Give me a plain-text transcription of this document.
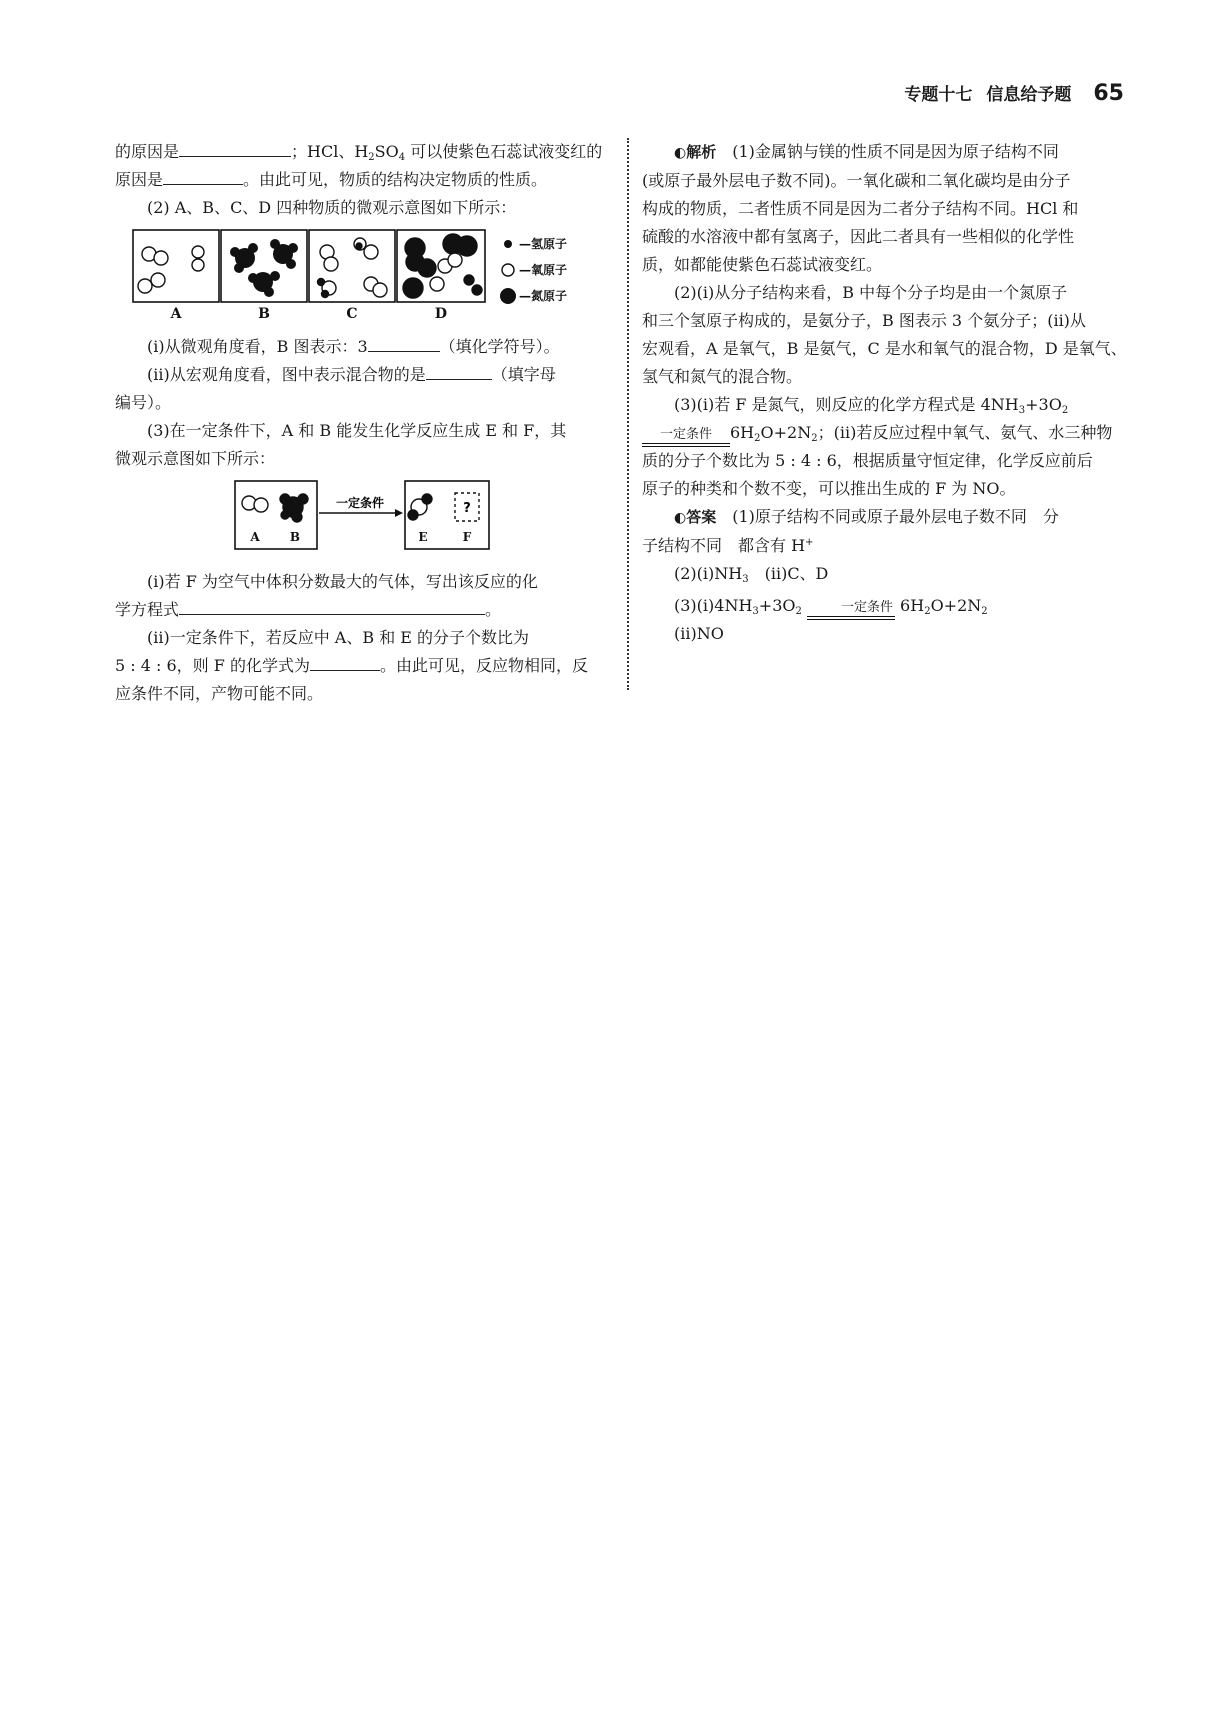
专题十七 信息给予题 65

的原因是	；HCl、$H_2SO_4$ 可以使紫色石蕊试液变红的

原因是	。由此可见，物质的结构决定物质的性质。

(2) A、B、C、D 四种物质的微观示意图如下所示：

A	B	C	D
—氢原子
—氧原子
—氮原子

(ⅰ)从微观角度看，B 图表示：3	（填化学符号）。

(ⅱ)从宏观角度看，图中表示混合物的是	（填字母

编号）。

(3)在一定条件下，A 和 B 能发生化学反应生成 E 和 F，其

微观示意图如下所示：

?
一定条件
A	B	E	F

(ⅰ)若 F 为空气中体积分数最大的气体，写出该反应的化

学方程式	。

(ⅱ)一定条件下，若反应中 A、B 和 E 的分子个数比为

5 : 4 : 6，则 F 的化学式为	。由此可见，反应物相同，反

应条件不同，产物可能不同。

◐解析　 (1)金属钠与镁的性质不同是因为原子结构不同

(或原子最外层电子数不同)。一氧化碳和二氧化碳均是由分子

构成的物质，二者性质不同是因为二者分子结构不同。HCl 和

硫酸的水溶液中都有氢离子，因此二者具有一些相似的化学性

质，如都能使紫色石蕊试液变红。

(2)(ⅰ)从分子结构来看，B 中每个分子均是由一个氮原子

和三个氢原子构成的，是氨分子，B 图表示 3 个氨分子；(ⅱ)从

宏观看，A 是氧气，B 是氨气，C 是水和氧气的混合物，D 是氧气、

氢气和氮气的混合物。

(3)(ⅰ)若 F 是氮气，则反应的化学方程式是 $4NH_3+3O_2$

一定条件	$6H_2O+2N_2$；(ⅱ)若反应过程中氧气、氨气、水三种物

质的分子个数比为 5 : 4 : 6，根据质量守恒定律，化学反应前后

原子的种类和个数不变，可以推出生成的 F 为 NO。

◐答案　 (1)原子结构不同或原子最外层电子数不同　分

子结构不同　都含有 H+

$(2)(ⅰ)NH_3$　(ⅱ)C、D

$(3)(ⅰ)4NH_3+3O_2$	一定条件 $6H_2O+2N_2$

(ⅱ)NO
